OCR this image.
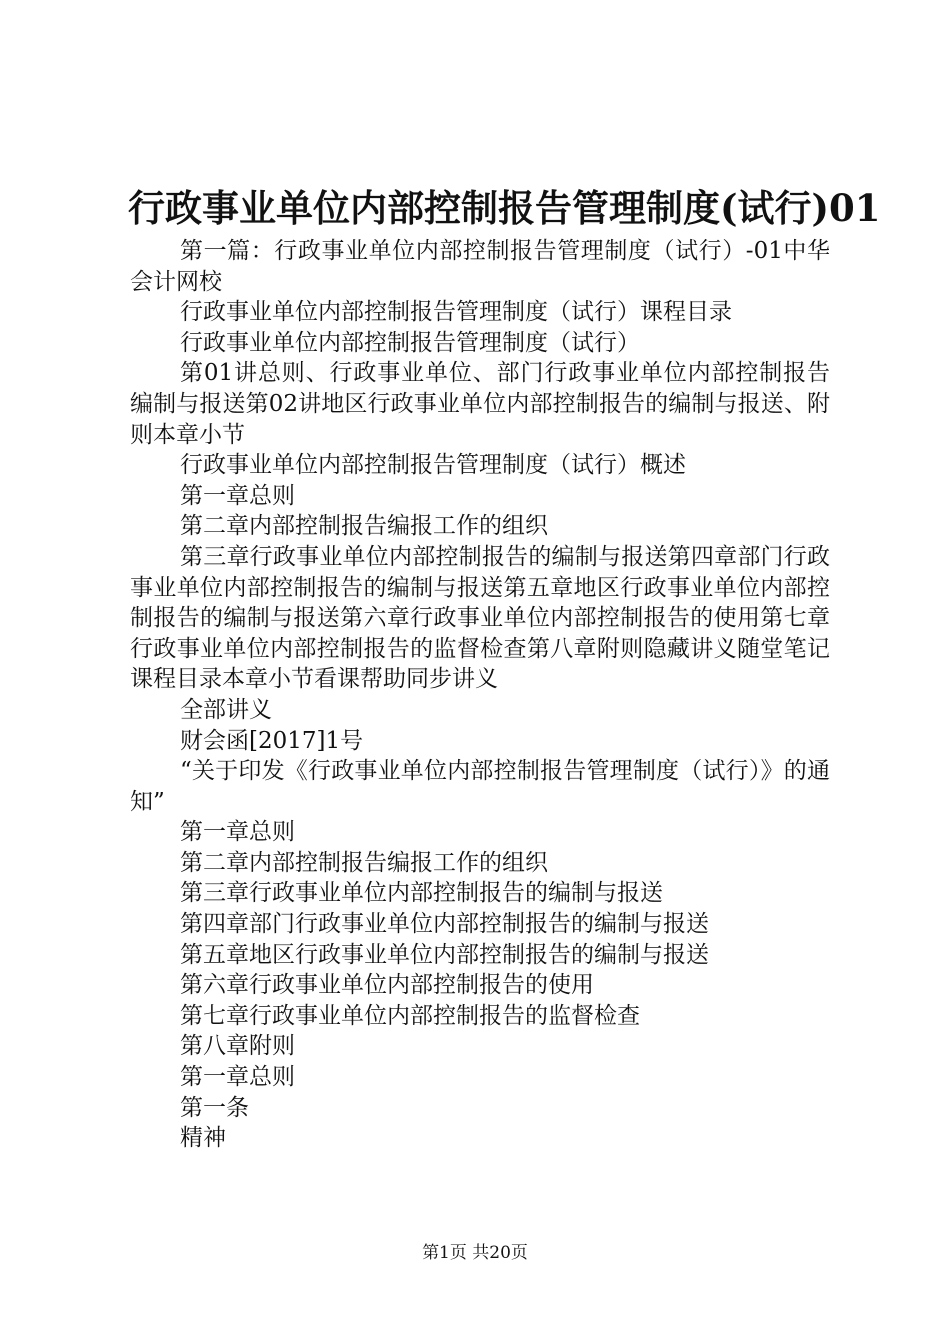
行政事业单位内部控制报告管理制度(试行)01

第一篇：行政事业单位内部控制报告管理制度（试行）-01中华会计网校

行政事业单位内部控制报告管理制度（试行）课程目录

行政事业单位内部控制报告管理制度（试行）

第01讲总则、行政事业单位、部门行政事业单位内部控制报告编制与报送第02讲地区行政事业单位内部控制报告的编制与报送、附则本章小节

行政事业单位内部控制报告管理制度（试行）概述

第一章总则

第二章内部控制报告编报工作的组织

第三章行政事业单位内部控制报告的编制与报送第四章部门行政事业单位内部控制报告的编制与报送第五章地区行政事业单位内部控制报告的编制与报送第六章行政事业单位内部控制报告的使用第七章行政事业单位内部控制报告的监督检查第八章附则隐藏讲义随堂笔记课程目录本章小节看课帮助同步讲义

全部讲义

财会函[2017]1号

“关于印发《行政事业单位内部控制报告管理制度（试行）》的通知”

第一章总则

第二章内部控制报告编报工作的组织

第三章行政事业单位内部控制报告的编制与报送

第四章部门行政事业单位内部控制报告的编制与报送

第五章地区行政事业单位内部控制报告的编制与报送

第六章行政事业单位内部控制报告的使用

第七章行政事业单位内部控制报告的监督检查

第八章附则

第一章总则

第一条

精神

第1页 共20页
